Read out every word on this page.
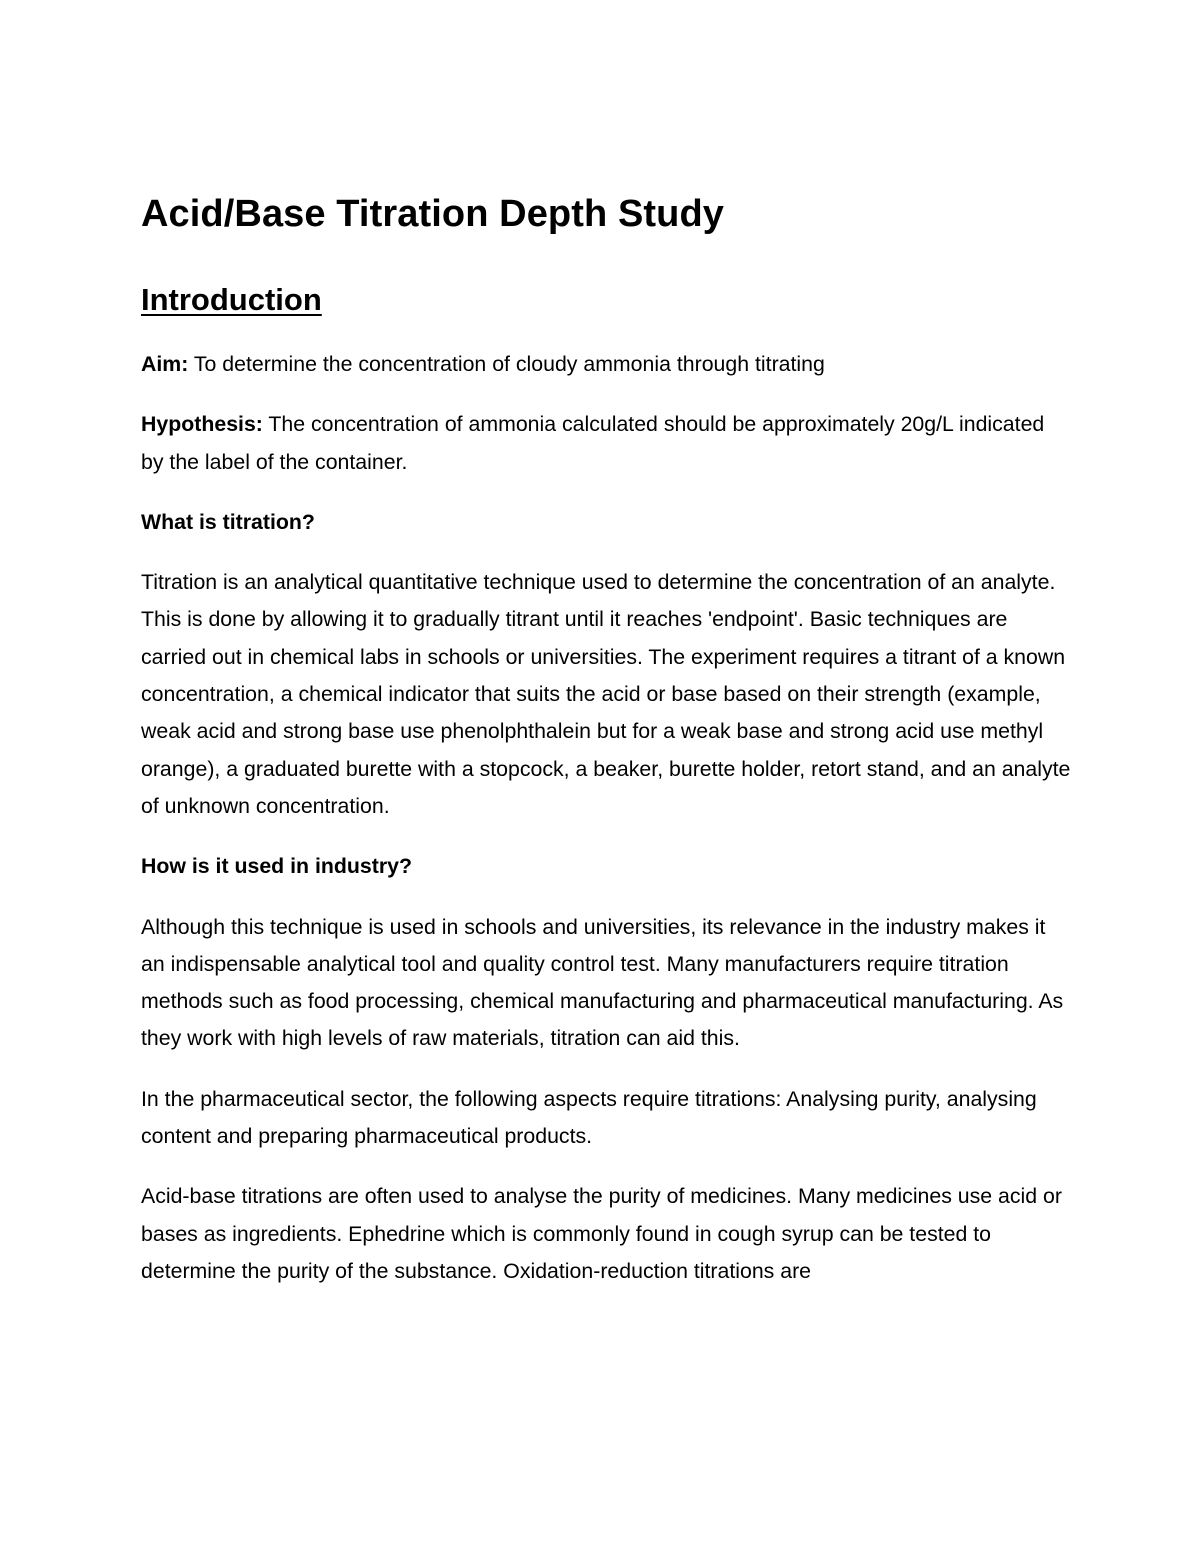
Acid/Base Titration Depth Study
Introduction

Aim: To determine the concentration of cloudy ammonia through titrating

Hypothesis: The concentration of ammonia calculated should be approximately 20g/L indicated by the label of the container.

What is titration?

Titration is an analytical quantitative technique used to determine the concentration of an analyte. This is done by allowing it to gradually titrant until it reaches 'endpoint'. Basic techniques are carried out in chemical labs in schools or universities. The experiment requires a titrant of a known concentration, a chemical indicator that suits the acid or base based on their strength (example, weak acid and strong base use phenolphthalein but for a weak base and strong acid use methyl orange), a graduated burette with a stopcock, a beaker, burette holder, retort stand, and an analyte of unknown concentration.

How is it used in industry?

Although this technique is used in schools and universities, its relevance in the industry makes it an indispensable analytical tool and quality control test. Many manufacturers require titration methods such as food processing, chemical manufacturing and pharmaceutical manufacturing. As they work with high levels of raw materials, titration can aid this.

In the pharmaceutical sector, the following aspects require titrations: Analysing purity, analysing content and preparing pharmaceutical products.

Acid-base titrations are often used to analyse the purity of medicines. Many medicines use acid or bases as ingredients. Ephedrine which is commonly found in cough syrup can be tested to determine the purity of the substance. Oxidation-reduction titrations are
